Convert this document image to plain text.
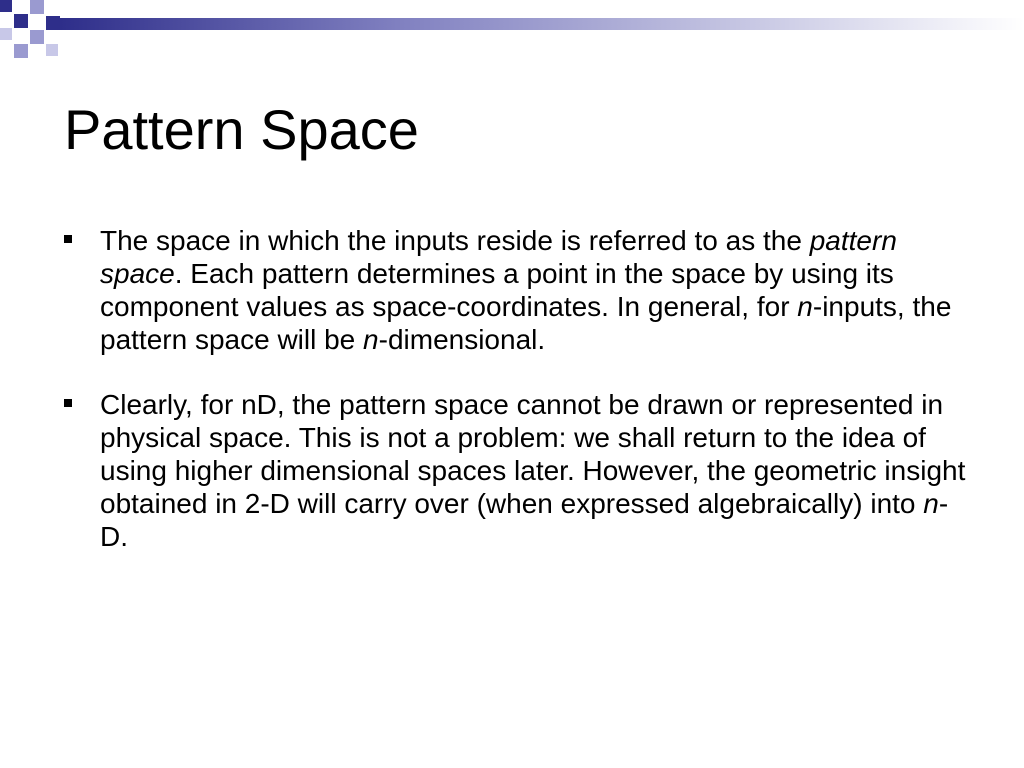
Pattern Space
The space in which the inputs reside is referred to as the pattern space. Each pattern determines a point in the space by using its component values as space-coordinates. In general, for n-inputs, the pattern space will be n-dimensional.
Clearly, for nD, the pattern space cannot be drawn or represented in physical space. This is not a problem: we shall return to the idea of using higher dimensional spaces later. However, the geometric insight obtained in 2-D will carry over (when expressed algebraically) into n-D.
